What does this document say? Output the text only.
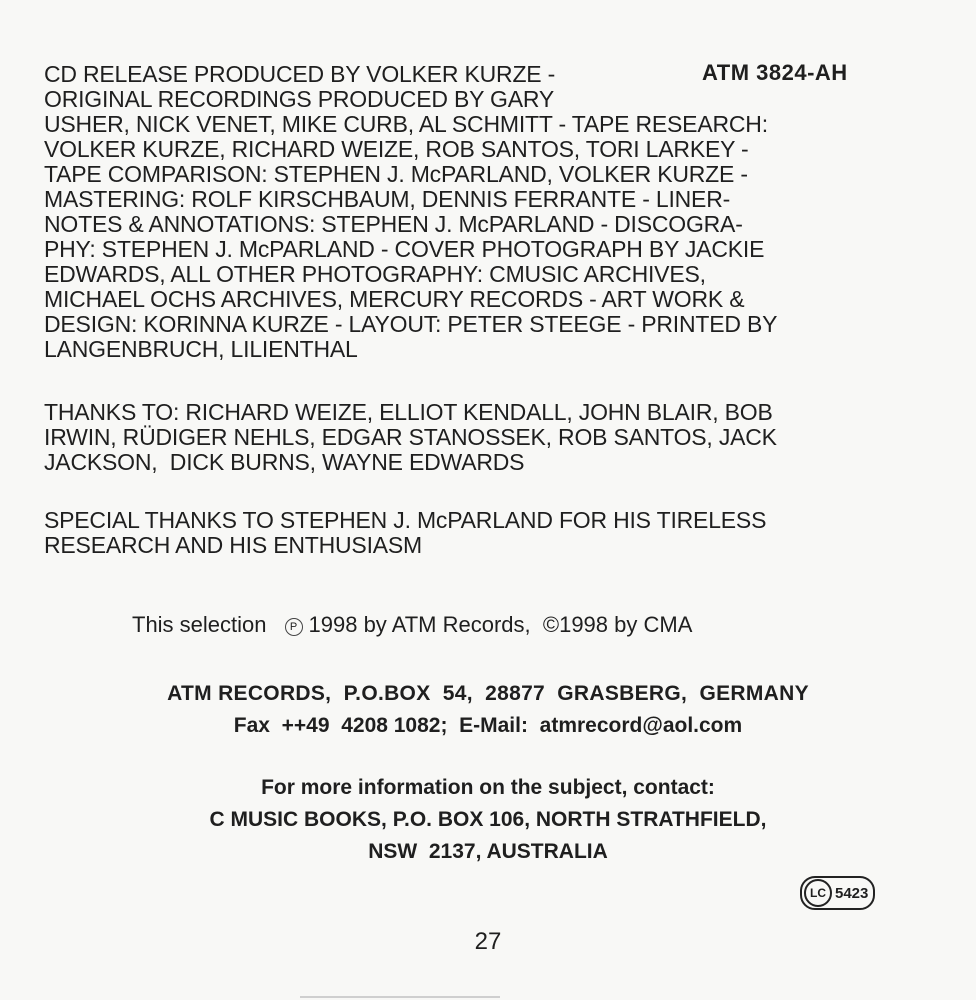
ATM 3824-AH
CD RELEASE PRODUCED BY VOLKER KURZE -
ORIGINAL RECORDINGS PRODUCED BY GARY
USHER, NICK VENET, MIKE CURB, AL SCHMITT - TAPE RESEARCH:
VOLKER KURZE, RICHARD WEIZE, ROB SANTOS, TORI LARKEY -
TAPE COMPARISON: STEPHEN J. McPARLAND, VOLKER KURZE -
MASTERING: ROLF KIRSCHBAUM, DENNIS FERRANTE - LINER-
NOTES & ANNOTATIONS: STEPHEN J. McPARLAND - DISCOGRA-
PHY: STEPHEN J. McPARLAND - COVER PHOTOGRAPH BY JACKIE
EDWARDS, ALL OTHER PHOTOGRAPHY: CMUSIC ARCHIVES,
MICHAEL OCHS ARCHIVES, MERCURY RECORDS - ART WORK &
DESIGN: KORINNA KURZE - LAYOUT: PETER STEEGE - PRINTED BY
LANGENBRUCH, LILIENTHAL
THANKS TO: RICHARD WEIZE, ELLIOT KENDALL, JOHN BLAIR, BOB
IRWIN, RÜDIGER NEHLS, EDGAR STANOSSEK, ROB SANTOS, JACK
JACKSON,  DICK BURNS, WAYNE EDWARDS
SPECIAL THANKS TO STEPHEN J. McPARLAND FOR HIS TIRELESS
RESEARCH AND HIS ENTHUSIASM
This selection P 1998 by ATM Records,  ©1998 by CMA
ATM RECORDS,  P.O.BOX  54,  28877  GRASBERG,  GERMANY
Fax  ++49  4208 1082;  E-Mail:  atmrecord@aol.com
For more information on the subject, contact:
C MUSIC BOOKS, P.O. BOX 106, NORTH STRATHFIELD,
NSW  2137, AUSTRALIA
LC 5423
27
